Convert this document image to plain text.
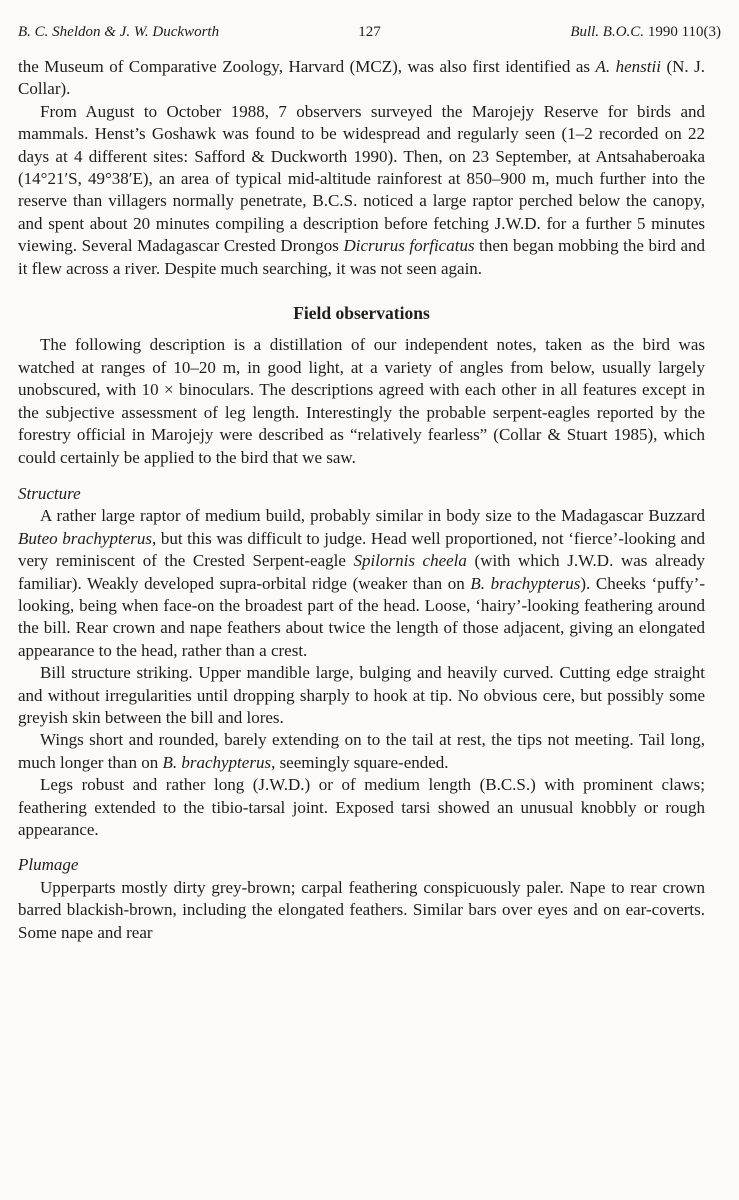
B. C. Sheldon & J. W. Duckworth	127	Bull. B.O.C. 1990 110(3)

the Museum of Comparative Zoology, Harvard (MCZ), was also first identified as A. henstii (N. J. Collar).

From August to October 1988, 7 observers surveyed the Marojejy Reserve for birds and mammals. Henst’s Goshawk was found to be widespread and regularly seen (1–2 recorded on 22 days at 4 different sites: Safford & Duckworth 1990). Then, on 23 September, at Antsahaberoaka (14°21′S, 49°38′E), an area of typical mid-altitude rainforest at 850–900 m, much further into the reserve than villagers normally penetrate, B.C.S. noticed a large raptor perched below the canopy, and spent about 20 minutes compiling a description before fetching J.W.D. for a further 5 minutes viewing. Several Madagascar Crested Drongos Dicrurus forficatus then began mobbing the bird and it flew across a river. Despite much searching, it was not seen again.

Field observations

The following description is a distillation of our independent notes, taken as the bird was watched at ranges of 10–20 m, in good light, at a variety of angles from below, usually largely unobscured, with 10 × binoculars. The descriptions agreed with each other in all features except in the subjective assessment of leg length. Interestingly the probable serpent-eagles reported by the forestry official in Marojejy were described as “relatively fearless” (Collar & Stuart 1985), which could certainly be applied to the bird that we saw.

Structure

A rather large raptor of medium build, probably similar in body size to the Madagascar Buzzard Buteo brachypterus, but this was difficult to judge. Head well proportioned, not ‘fierce’-looking and very reminiscent of the Crested Serpent-eagle Spilornis cheela (with which J.W.D. was already familiar). Weakly developed supra-orbital ridge (weaker than on B. brachypterus). Cheeks ‘puffy’-looking, being when face-on the broadest part of the head. Loose, ‘hairy’-looking feathering around the bill. Rear crown and nape feathers about twice the length of those adjacent, giving an elongated appearance to the head, rather than a crest.

Bill structure striking. Upper mandible large, bulging and heavily curved. Cutting edge straight and without irregularities until dropping sharply to hook at tip. No obvious cere, but possibly some greyish skin between the bill and lores.

Wings short and rounded, barely extending on to the tail at rest, the tips not meeting. Tail long, much longer than on B. brachypterus, seemingly square-ended.

Legs robust and rather long (J.W.D.) or of medium length (B.C.S.) with prominent claws; feathering extended to the tibio-tarsal joint. Exposed tarsi showed an unusual knobbly or rough appearance.

Plumage

Upperparts mostly dirty grey-brown; carpal feathering conspicuously paler. Nape to rear crown barred blackish-brown, including the elongated feathers. Similar bars over eyes and on ear-coverts. Some nape and rear
